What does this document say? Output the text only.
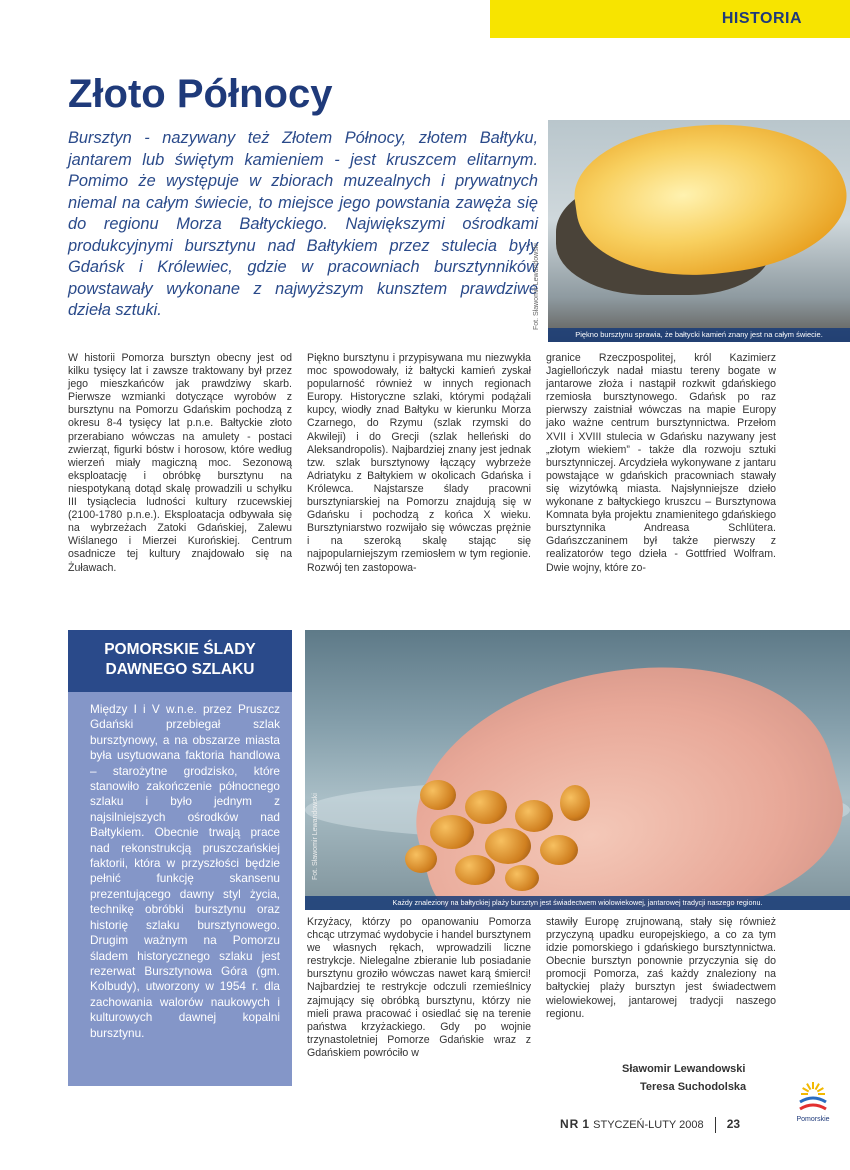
HISTORIA
Złoto Północy

Bursztyn - nazywany też Złotem Północy, złotem Bałtyku, jantarem lub świętym kamieniem - jest kruszcem elitarnym. Pomimo że występuje w zbiorach muzealnych i prywatnych niemal na całym świecie, to miejsce jego powstania zawęża się do regionu Morza Bałtyckiego. Największymi ośrodkami produkcyjnymi bursztynu nad Bałtykiem przez stulecia były Gdańsk i Królewiec, gdzie w pracowniach bursztynników powstawały wykonane z najwyższym kunsztem prawdziwe dzieła sztuki.

Piękno bursztynu sprawia, że bałtycki kamień znany jest na całym świecie.
Fot. Sławomir Lewandowski

W historii Pomorza bursztyn obecny jest od kilku tysięcy lat i zawsze traktowany był przez jego mieszkańców jak prawdziwy skarb. Pierwsze wzmianki dotyczące wyrobów z bursztynu na Pomorzu Gdańskim pochodzą z okresu 8-4 tysięcy lat p.n.e. Bałtyckie złoto przerabiano wówczas na amulety - postaci zwierząt, figurki bóstw i horosow, które według wierzeń miały magiczną moc. Sezonową eksploatację i obróbkę bursztynu na niespotykaną dotąd skalę prowadzili u schyłku III tysiąclecia ludności kultury rzucewskiej (2100-1780 p.n.e.). Eksploatacja odbywała się na wybrzeżach Zatoki Gdańskiej, Zalewu Wiślanego i Mierzei Kurońskiej. Centrum osadnicze tej kultury znajdowało się na Żuławach.

Piękno bursztynu i przypisywana mu niezwykła moc spowodowały, iż bałtycki kamień zyskał popularność również w innych regionach Europy. Historyczne szlaki, którymi podążali kupcy, wiodły znad Bałtyku w kierunku Morza Czarnego, do Rzymu (szlak rzymski do Akwileji) i do Grecji (szlak helleński do Aleksandropolis). Najbardziej znany jest jednak tzw. szlak bursztynowy łączący wybrzeże Adriatyku z Bałtykiem w okolicach Gdańska i Królewca. Najstarsze ślady pracowni bursztyniarskiej na Pomorzu znajdują się w Gdańsku i pochodzą z końca X wieku. Bursztyniarstwo rozwijało się wówczas prężnie i na szeroką skalę stając się najpopularniejszym rzemiosłem w tym regionie. Rozwój ten zastopowa-

granice Rzeczpospolitej, król Kazimierz Jagiellończyk nadał miastu tereny bogate w jantarowe złoża i nastąpił rozkwit gdańskiego rzemiosła bursztynowego. Gdańsk po raz pierwszy zaistniał wówczas na mapie Europy jako ważne centrum bursztynnictwa. Przełom XVII i XVIII stulecia w Gdańsku nazywany jest „złotym wiekiem” - także dla rozwoju sztuki bursztynniczej. Arcydzieła wykonywane z jantaru powstające w gdańskich pracowniach stawały się wizytówką miasta. Najsłynniejsze dzieło wykonane z bałtyckiego kruszcu – Bursztynowa Komnata była projektu znamienitego gdańskiego bursztynnika Andreasa Schlütera. Gdańszczaninem był także pierwszy z realizatorów tego dzieła - Gottfried Wolfram. Dwie wojny, które zo-

POMORSKIE ŚLADY DAWNEGO SZLAKU

Między I i V w.n.e. przez Pruszcz Gdański przebiegał szlak bursztynowy, a na obszarze miasta była usytuowana faktoria handlowa – starożytne grodzisko, które stanowiło zakończenie północnego szlaku i było jednym z najsilniejszych ośrodków nad Bałtykiem. Obecnie trwają prace nad rekonstrukcją pruszczańskiej faktorii, która w przyszłości będzie pełnić funkcję skansenu prezentującego dawny styl życia, technikę obróbki bursztynu oraz historię szlaku bursztynowego. Drugim ważnym na Pomorzu śladem historycznego szlaku jest rezerwat Bursztynowa Góra (gm. Kolbudy), utworzony w 1954 r. dla zachowania walorów naukowych i kulturowych dawnej kopalni bursztynu.

Każdy znaleziony na bałtyckiej plaży bursztyn jest świadectwem wiolowiekowej, jantarowej tradycji naszego regionu.
Fot. Sławomir Lewandowski

Krzyżacy, którzy po opanowaniu Pomorza chcąc utrzymać wydobycie i handel bursztynem we własnych rękach, wprowadzili liczne restrykcje. Nielegalne zbieranie lub posiadanie bursztynu groziło wówczas nawet karą śmierci! Najbardziej te restrykcje odczuli rzemieślnicy zajmujący się obróbką bursztynu, którzy nie mieli prawa pracować i osiedlać się na terenie państwa krzyżackiego. Gdy po wojnie trzynastoletniej Pomorze Gdańskie wraz z Gdańskiem powróciło w

stawiły Europę zrujnowaną, stały się również przyczyną upadku europejskiego, a co za tym idzie pomorskiego i gdańskiego bursztynnictwa. Obecnie bursztyn ponownie przyczynia się do promocji Pomorza, zaś każdy znaleziony na bałtyckiej plaży bursztyn jest świadectwem wielowiekowej, jantarowej tradycji naszego regionu.

Sławomir Lewandowski
Teresa Suchodolska
NR 1 STYCZEŃ-LUTY 2008 23	Pomorskie
